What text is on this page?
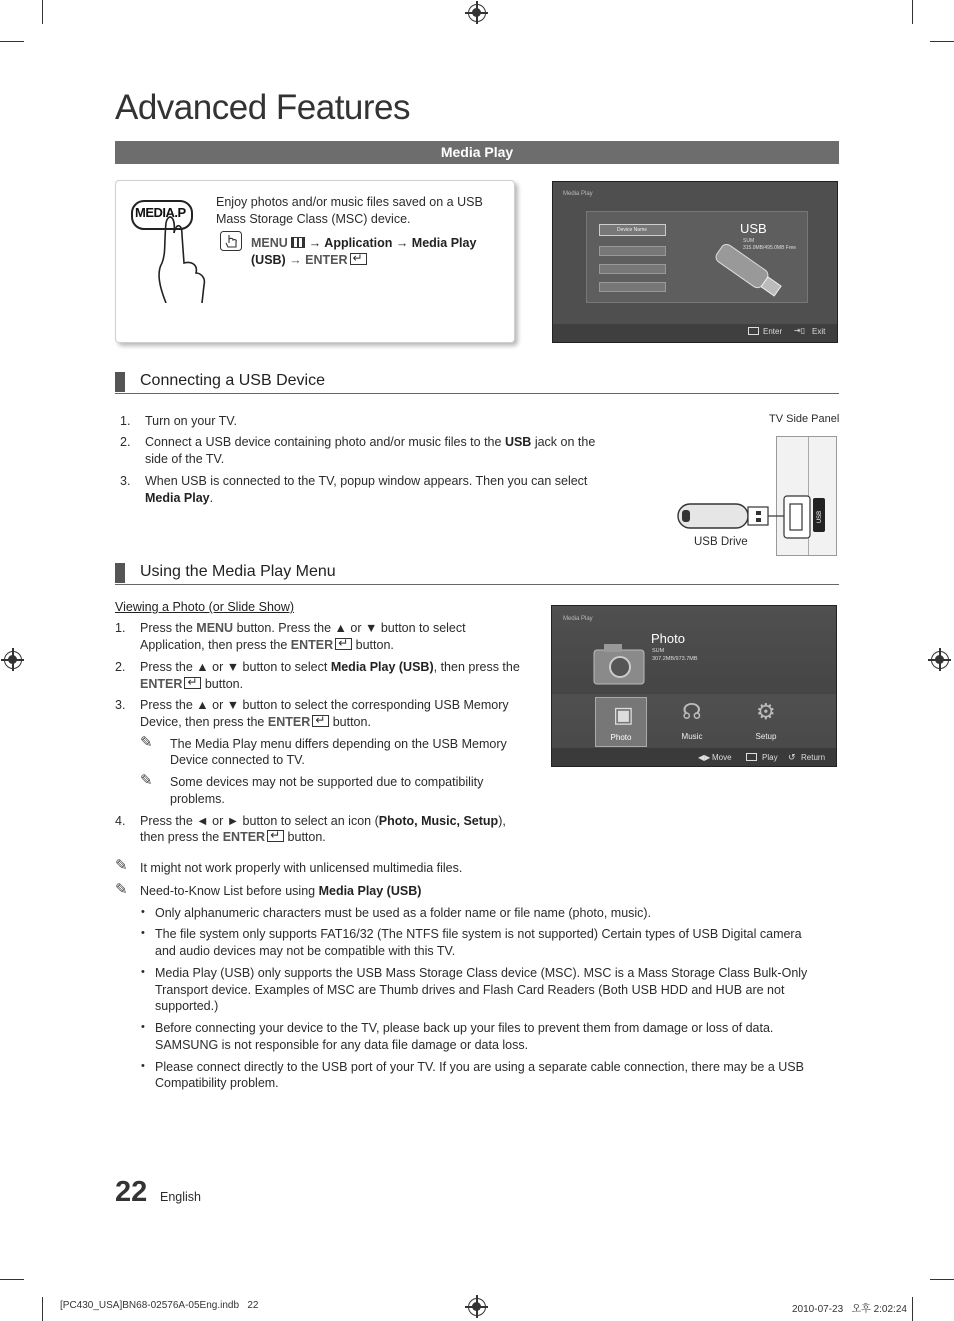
Advanced Features
Media Play
MEDIA.P
Enjoy photos and/or music files saved on a USB
Mass Storage Class (MSC) device.
MENU → Application → Media Play
(USB) → ENTER↵
Media Play
Device Name	USB
SUM
315.0MB/495.0MB Free
Enter ⇥▯ Exit
Connecting a USB Device
1. Turn on your TV.
2. Connect a USB device containing photo and/or music files to the USB jack on the
side of the TV.
3. When USB is connected to the TV, popup window appears. Then you can select
Media Play.
TV Side Panel
USB
USB Drive
Using the Media Play Menu
Viewing a Photo (or Slide Show)
1. Press the MENU button. Press the ▲ or ▼ button to select
Application, then press the ENTER↵ button.
2. Press the ▲ or ▼ button to select Media Play (USB), then press the
ENTER↵ button.
3. Press the ▲ or ▼ button to select the corresponding USB Memory
Device, then press the ENTER↵ button.
✎ The Media Play menu differs depending on the USB Memory
Device connected to TV.
✎ Some devices may not be supported due to compatibility
problems.
4. Press the ◄ or ► button to select an icon (Photo, Music, Setup),
then press the ENTER↵ button.
Media Play
Photo
SUM
307.2MB/973.7MB
▣
Photo
☊
Music
⚙
Setup
◀▶ Move	Play ↺ Return
✎ It might not work properly with unlicensed multimedia files.
✎ Need-to-Know List before using Media Play (USB)
• Only alphanumeric characters must be used as a folder name or file name (photo, music).
• The file system only supports FAT16/32 (The NTFS file system is not supported) Certain types of USB Digital camera
and audio devices may not be compatible with this TV.
• Media Play (USB) only supports the USB Mass Storage Class device (MSC). MSC is a Mass Storage Class Bulk-Only
Transport device. Examples of MSC are Thumb drives and Flash Card Readers (Both USB HDD and HUB are not
supported.)
• Before connecting your device to the TV, please back up your files to prevent them from damage or loss of data.
SAMSUNG is not responsible for any data file damage or data loss.
• Please connect directly to the USB port of your TV. If you are using a separate cable connection, there may be a USB
Compatibility problem.
22 English
[PC430_USA]BN68-02576A-05Eng.indb   22	2010-07-23   오후 2:02:24
